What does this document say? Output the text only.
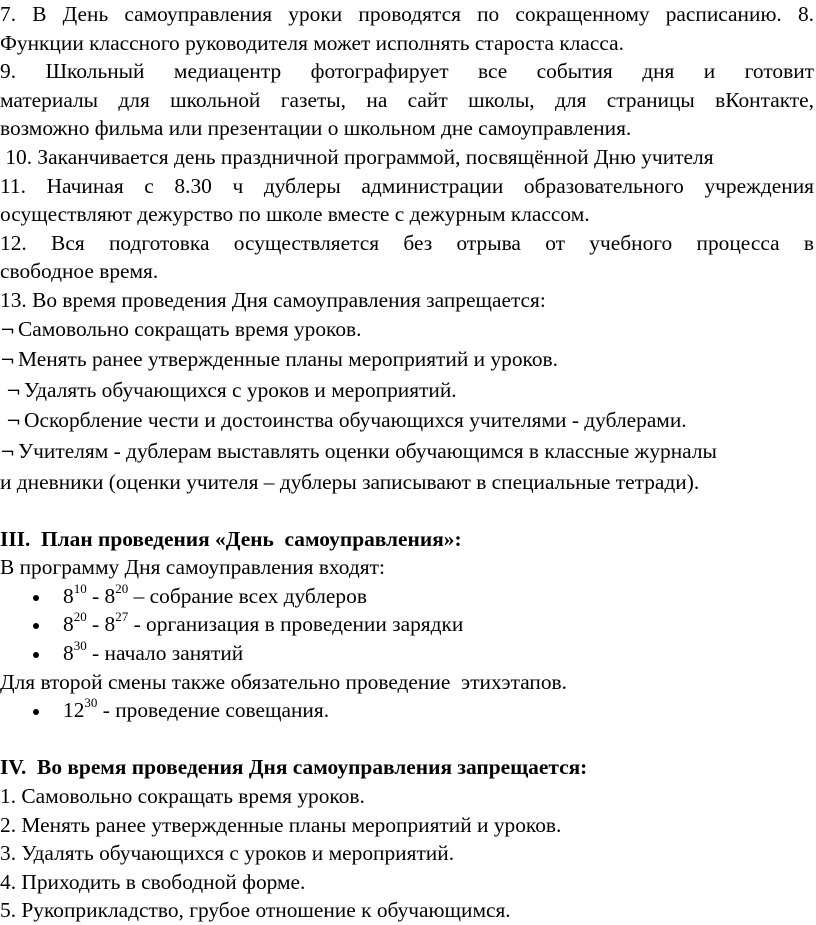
7. В День самоуправления уроки проводятся по сокращенному расписанию. 8.

Функции классного руководителя может исполнять староста класса.

9. Школьный медиацентр фотографирует все события дня и готовит

материалы для школьной газеты, на сайт школы, для страницы вКонтакте,

возможно фильма или презентации о школьном дне самоуправления.

10. Заканчивается день праздничной программой, посвящённой Дню учителя

11. Начиная с 8.30 ч дублеры администрации образовательного учреждения

осуществляют дежурство по школе вместе с дежурным классом.

12. Вся подготовка осуществляется без отрыва от учебного процесса в

свободное время.

13. Во время проведения Дня самоуправления запрещается:

¬ Самовольно сокращать время уроков.

¬ Менять ранее утвержденные планы мероприятий и уроков.

¬ Удалять обучающихся с уроков и мероприятий.

¬ Оскорбление чести и достоинства обучающихся учителями - дублерами.

¬ Учителям - дублерам выставлять оценки обучающимся в классные журналы

и дневники (оценки учителя – дублеры записывают в специальные тетради).

III.  План проведения «День  самоуправления»:

В программу Дня самоуправления входят:

$8^{10} - 8^{20}$ – собрание всех дублеров
$8^{20} - 8^{27}$ - организация в проведении зарядки
$8^{30}$ - начало занятий

Для второй смены также обязательно проведение  этихэтапов.

$12^{30}$ - проведение совещания.

IV.  Во время проведения Дня самоуправления запрещается:

1. Самовольно сокращать время уроков.

2. Менять ранее утвержденные планы мероприятий и уроков.

3. Удалять обучающихся с уроков и мероприятий.

4. Приходить в свободной форме.

5. Рукоприкладство, грубое отношение к обучающимся.
